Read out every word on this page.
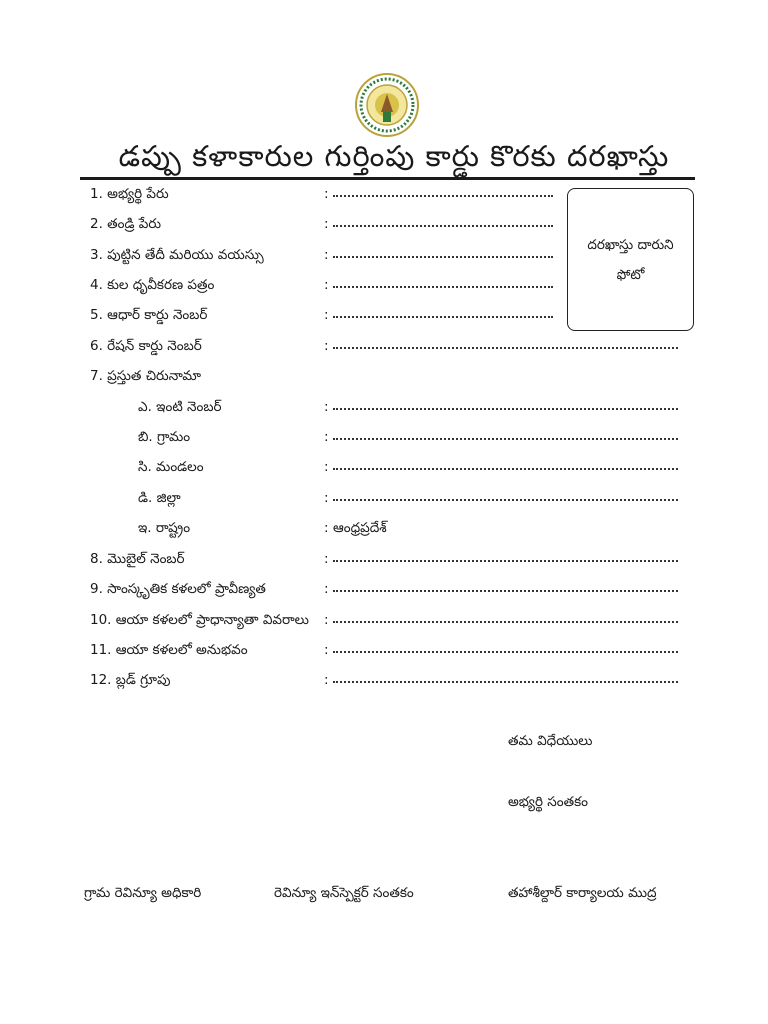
డప్పు కళాకారుల గుర్తింపు కార్డు కొరకు దరఖాస్తు
దరఖాస్తు దారుని
ఫోటో
1. అభ్యర్థి పేరు	:
2. తండ్రి పేరు	:
3. పుట్టిన తేదీ మరియు వయస్సు	:
4. కుల ధృవీకరణ పత్రం	:
5. ఆధార్ కార్డు నెంబర్	:
6. రేషన్ కార్డు నెంబర్	:
7. ప్రస్తుత చిరునామా
ఎ. ఇంటి నెంబర్	:
బి. గ్రామం	:
సి. మండలం	:
డి. జిల్లా	:
ఇ. రాష్ట్రం	: ఆంధ్రప్రదేశ్
8. మొబైల్ నెంబర్	:
9. సాంస్కృతిక కళలలో ప్రావీణ్యత	:
10. ఆయా కళలలో ప్రాధాన్యాతా వివరాలు :
11. ఆయా కళలలో అనుభవం	:
12. బ్లడ్ గ్రూపు	:
తమ విధేయులు
అభ్యర్థి సంతకం
గ్రామ రెవిన్యూ అధికారి	రెవిన్యూ ఇన్‌స్పెక్టర్ సంతకం	తహాశీల్దార్ కార్యాలయ ముద్ర
